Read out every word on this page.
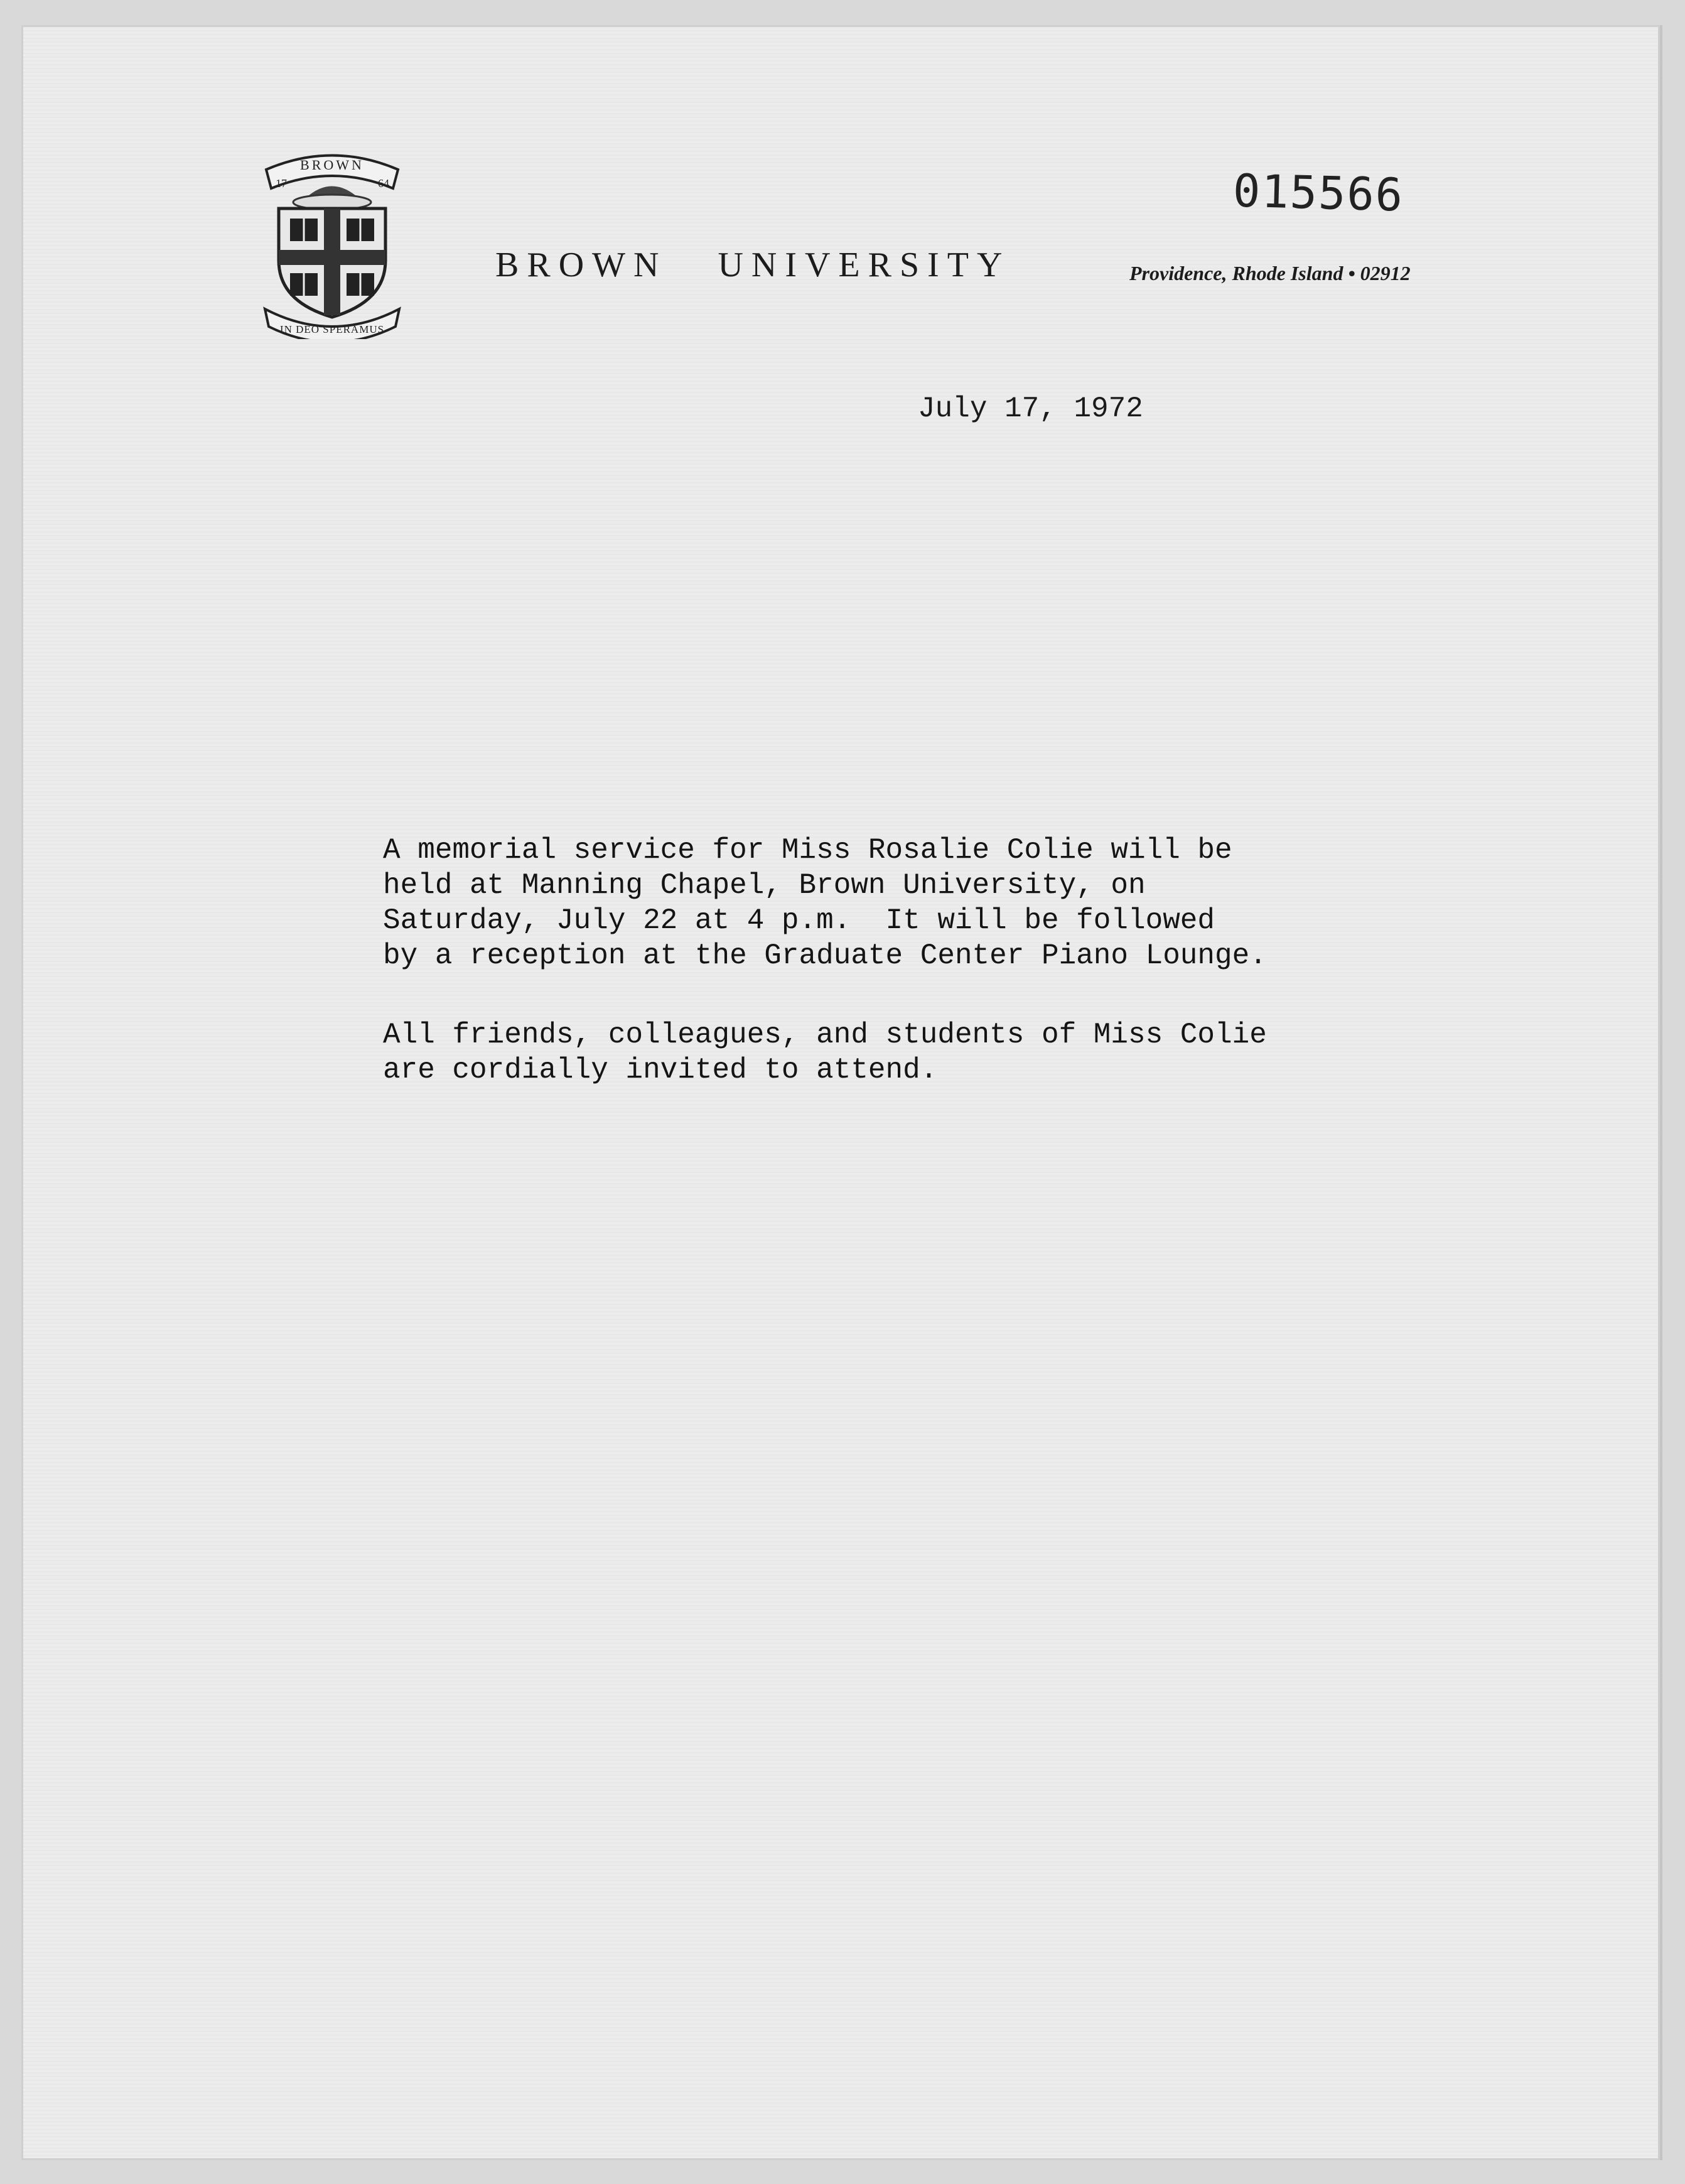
BROWN
17	64
IN DEO SPERAMUS
015566
BROWN   UNIVERSITY	Providence, Rhode Island • 02912
July 17, 1972
A memorial service for Miss Rosalie Colie will be
held at Manning Chapel, Brown University, on
Saturday, July 22 at 4 p.m.  It will be followed
by a reception at the Graduate Center Piano Lounge.
All friends, colleagues, and students of Miss Colie
are cordially invited to attend.
